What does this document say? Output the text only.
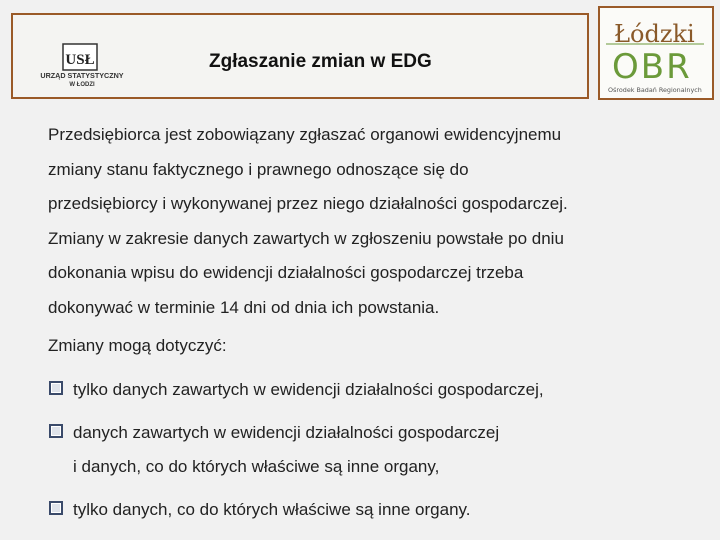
USŁ
URZĄD STATYSTYCZNY
W ŁODZI
Zgłaszanie zmian w EDG
Łódzki
OBR
Ośrodek Badań Regionalnych

Przedsiębiorca jest zobowiązany zgłaszać organowi ewidencyjnemu
zmiany stanu faktycznego i prawnego odnoszące się do
przedsiębiorcy i wykonywanej przez niego działalności gospodarczej.
Zmiany w zakresie danych zawartych w zgłoszeniu powstałe po dniu
dokonania wpisu do ewidencji działalności gospodarczej trzeba
dokonywać w terminie 14 dni od dnia ich powstania.

Zmiany mogą dotyczyć:

tylko danych zawartych w ewidencji działalności gospodarczej,
danych zawartych w ewidencji działalności gospodarczej
i danych, co do których właściwe są inne organy,
tylko danych, co do których właściwe są inne organy.
